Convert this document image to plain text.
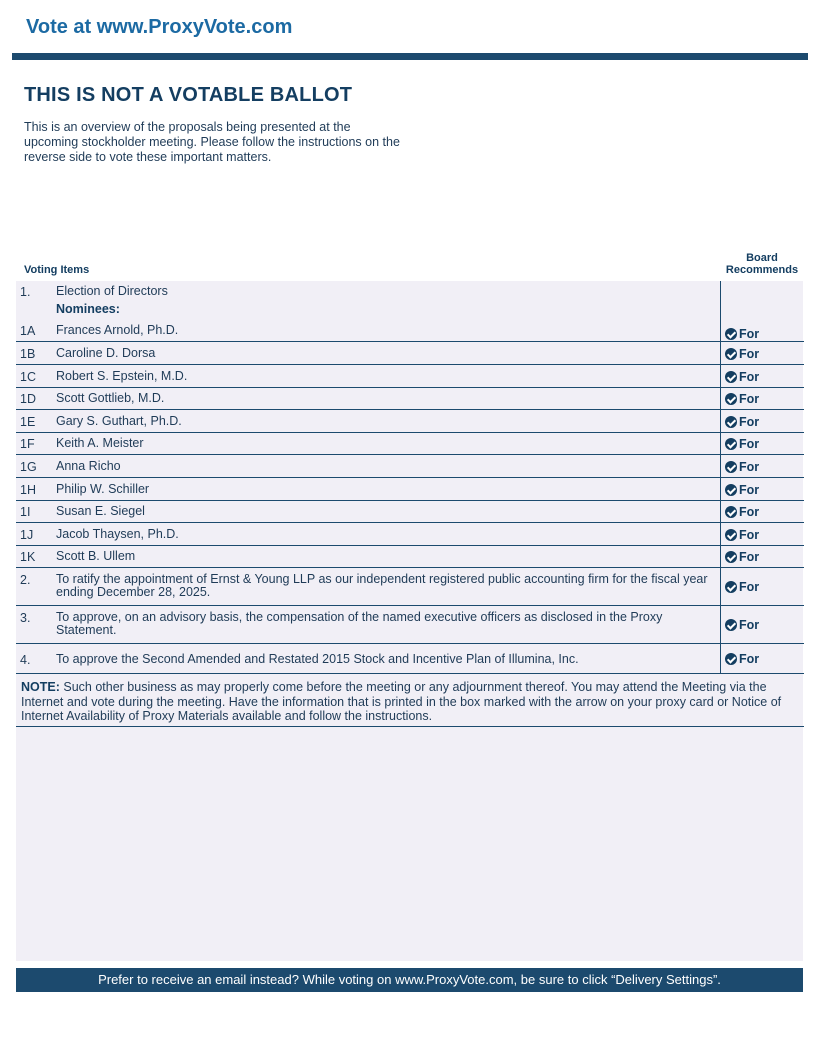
Vote at www.ProxyVote.com
THIS IS NOT A VOTABLE BALLOT
This is an overview of the proposals being presented at the upcoming stockholder meeting. Please follow the instructions on the reverse side to vote these important matters.
Voting Items
Board
Recommends
1. Election of Directors
Nominees:
1A Frances Arnold, Ph.D.	For
1B Caroline D. Dorsa	For
1C Robert S. Epstein, M.D.	For
1D Scott Gottlieb, M.D.	For
1E Gary S. Guthart, Ph.D.	For
1F Keith A. Meister	For
1G Anna Richo	For
1H Philip W. Schiller	For
1I Susan E. Siegel	For
1J Jacob Thaysen, Ph.D.	For
1K Scott B. Ullem	For
2. To ratify the appointment of Ernst & Young LLP as our independent registered public accounting firm for the fiscal year ending December 28, 2025.	For
3. To approve, on an advisory basis, the compensation of the named executive officers as disclosed in the Proxy Statement.	For
4. To approve the Second Amended and Restated 2015 Stock and Incentive Plan of Illumina, Inc.	For
NOTE: Such other business as may properly come before the meeting or any adjournment thereof. You may attend the Meeting via the Internet and vote during the meeting. Have the information that is printed in the box marked with the arrow on your proxy card or Notice of Internet Availability of Proxy Materials available and follow the instructions.
Prefer to receive an email instead? While voting on www.ProxyVote.com, be sure to click “Delivery Settings”.
